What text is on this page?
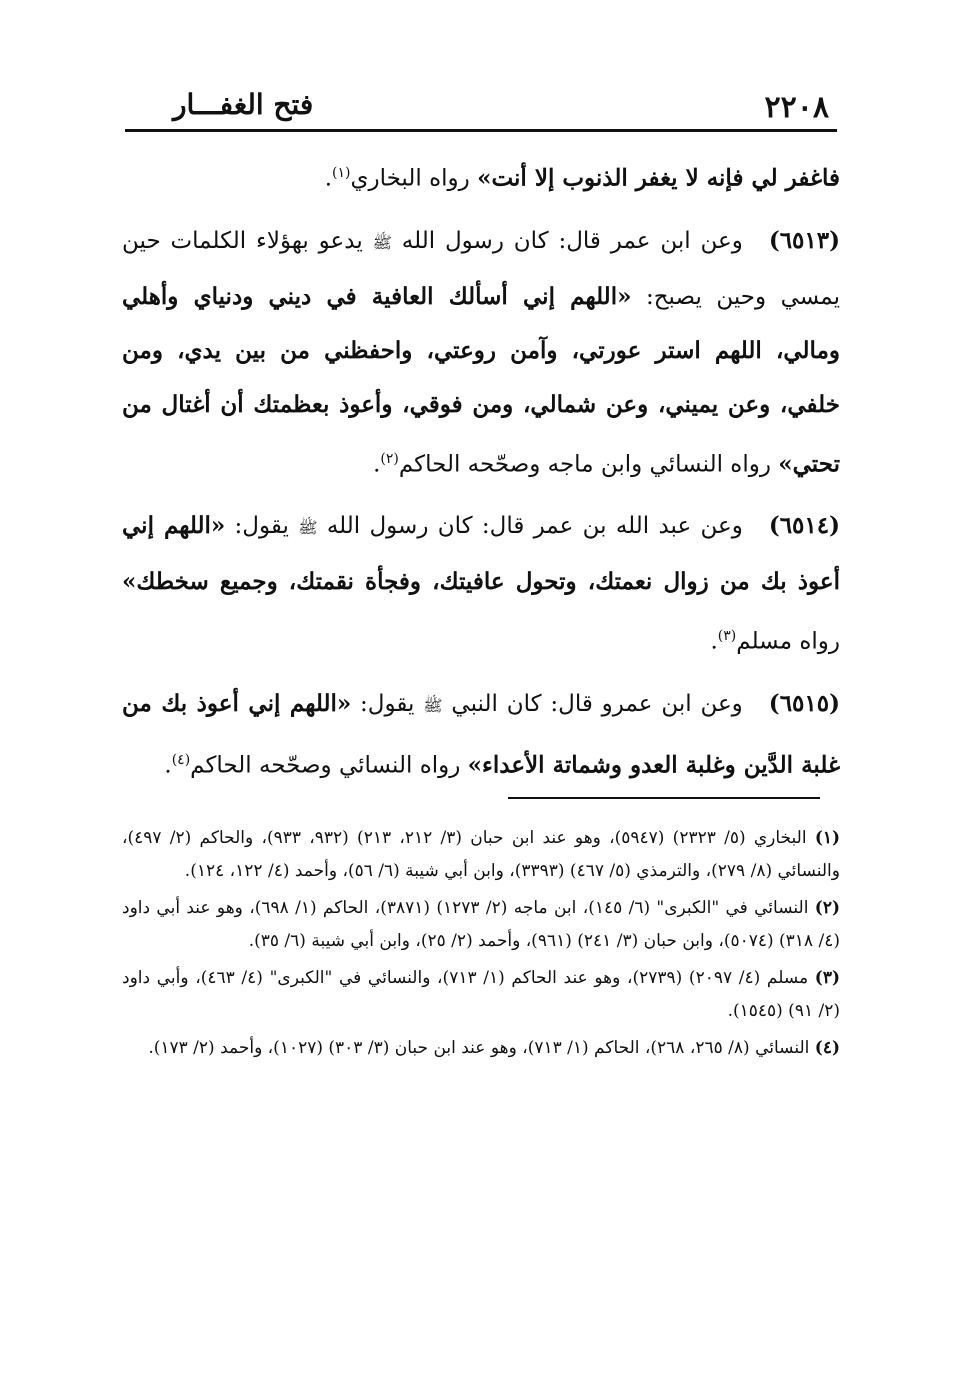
٢٢٠٨
فتح الغفـــار

فاغفر لي فإنه لا يغفر الذنوب إلا أنت» رواه البخاري$^{(١)}$.

(٦٥١٣)وعن ابن عمر قال: كان رسول الله ﷺ يدعو بهؤلاء الكلمات حين يمسي وحين يصبح: «اللهم إني أسألك العافية في ديني ودنياي وأهلي ومالي، اللهم استر عورتي، وآمن روعتي، واحفظني من بين يدي، ومن خلفي، وعن يميني، وعن شمالي، ومن فوقي، وأعوذ بعظمتك أن أغتال من تحتي» رواه النسائي وابن ماجه وصحّحه الحاكم$^{(٢)}$.

(٦٥١٤)وعن عبد الله بن عمر قال: كان رسول الله ﷺ يقول: «اللهم إني أعوذ بك من زوال نعمتك، وتحول عافيتك، وفجأة نقمتك، وجميع سخطك» رواه مسلم$^{(٣)}$.

(٦٥١٥)وعن ابن عمرو قال: كان النبي ﷺ يقول: «اللهم إني أعوذ بك من غلبة الدَّين وغلبة العدو وشماتة الأعداء» رواه النسائي وصحّحه الحاكم$^{(٤)}$.

(١) البخاري (٥/ ٢٣٢٣) (٥٩٤٧)، وهو عند ابن حبان (٣/ ٢١٢، ٢١٣) (٩٣٢، ٩٣٣)، والحاكم (٢/ ٤٩٧)، والنسائي (٨/ ٢٧٩)، والترمذي (٥/ ٤٦٧) (٣٣٩٣)، وابن أبي شيبة (٦/ ٥٦)، وأحمد (٤/ ١٢٢، ١٢٤).

(٢) النسائي في "الكبرى" (٦/ ١٤٥)، ابن ماجه (٢/ ١٢٧٣) (٣٨٧١)، الحاكم (١/ ٦٩٨)، وهو عند أبي داود (٤/ ٣١٨) (٥٠٧٤)، وابن حبان (٣/ ٢٤١) (٩٦١)، وأحمد (٢/ ٢٥)، وابن أبي شيبة (٦/ ٣٥).

(٣) مسلم (٤/ ٢٠٩٧) (٢٧٣٩)، وهو عند الحاكم (١/ ٧١٣)، والنسائي في "الكبرى" (٤/ ٤٦٣)، وأبي داود (٢/ ٩١) (١٥٤٥).

(٤) النسائي (٨/ ٢٦٥، ٢٦٨)، الحاكم (١/ ٧١٣)، وهو عند ابن حبان (٣/ ٣٠٣) (١٠٢٧)، وأحمد (٢/ ١٧٣).
